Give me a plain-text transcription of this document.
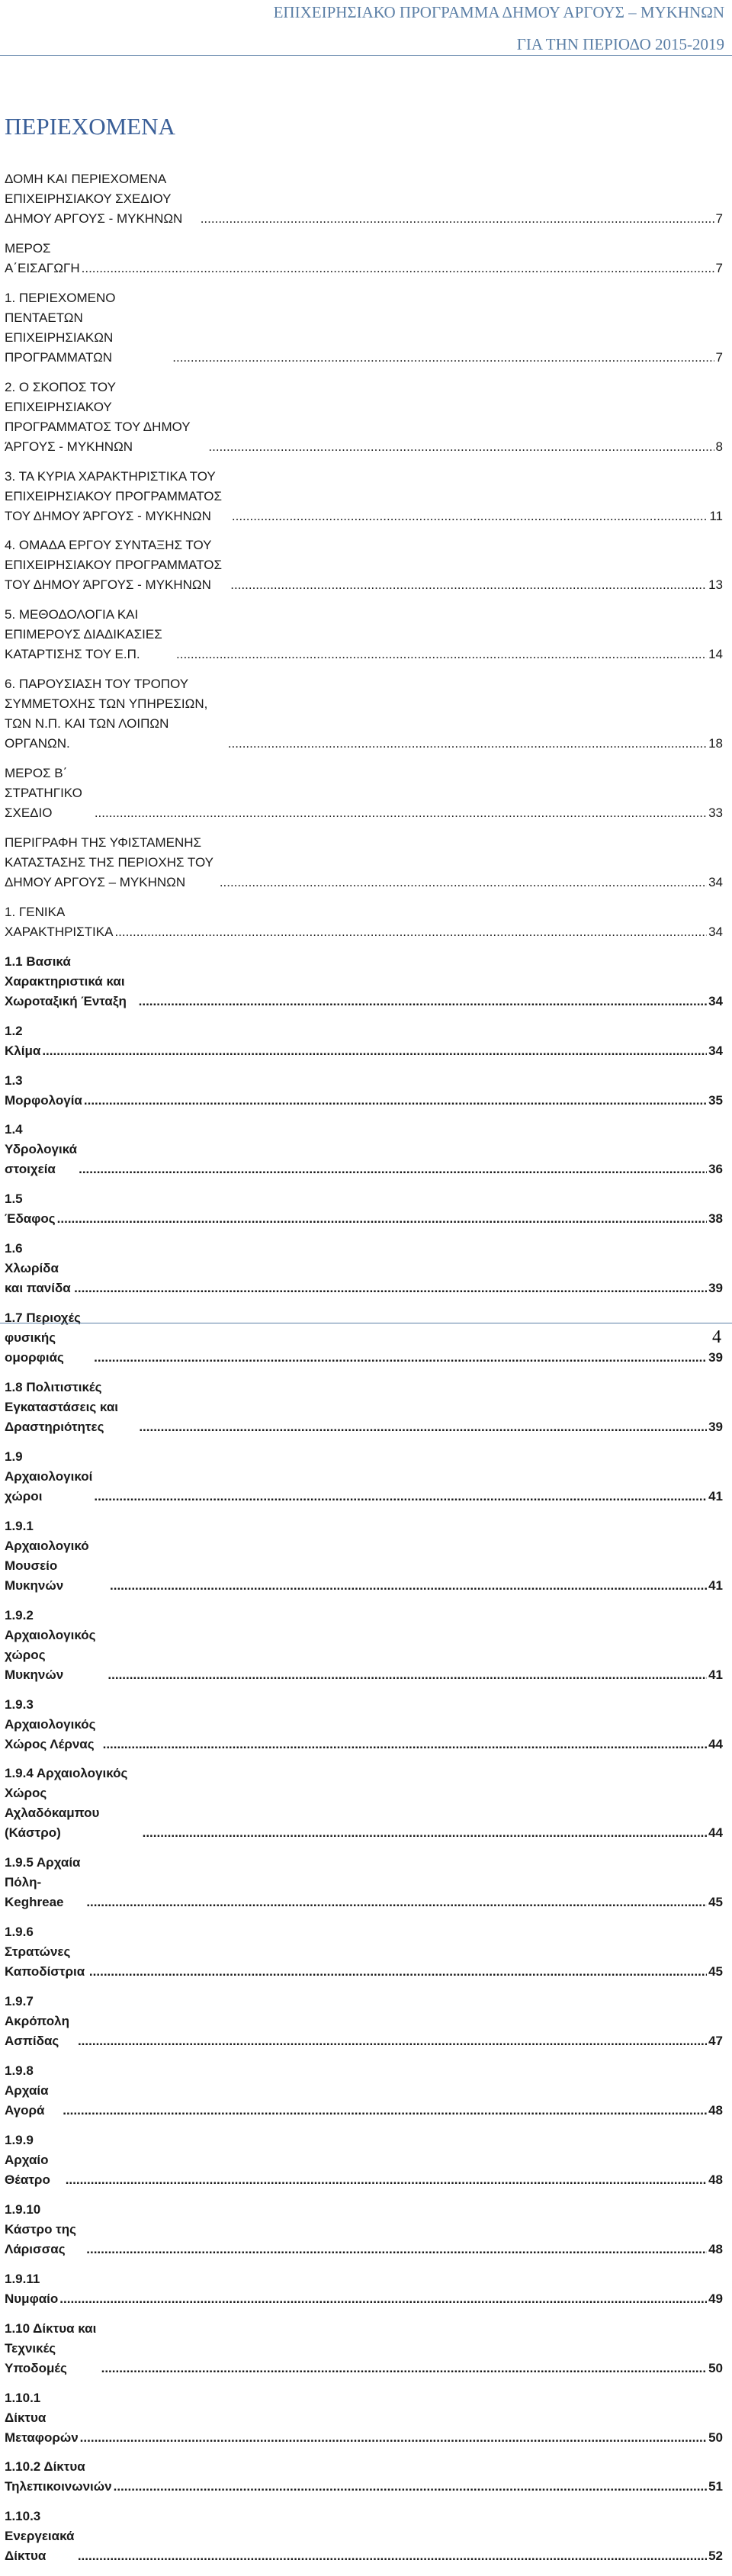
ΕΠΙΧΕΙΡΗΣΙΑΚΟ ΠΡΟΓΡΑΜΜΑ ΔΗΜΟΥ ΑΡΓΟΥΣ – ΜΥΚΗΝΩΝ
ΓΙΑ ΤΗΝ ΠΕΡΙΟΔΟ 2015-2019
ΠΕΡΙΕΧΟΜΕΝΑ
ΔΟΜΗ ΚΑΙ ΠΕΡΙΕΧΟΜΕΝΑ ΕΠΙΧΕΙΡΗΣΙΑΚΟΥ ΣΧΕΔΙΟΥ ΔΗΜΟΥ ΑΡΓΟΥΣ - ΜΥΚΗΝΩΝ .....	7
ΜΕΡΟΣ Α΄ΕΙΣΑΓΩΓΗ .....	7
1. ΠΕΡΙΕΧΟΜΕΝΟ ΠΕΝΤΑΕΤΩΝ ΕΠΙΧΕΙΡΗΣΙΑΚΩΝ ΠΡΟΓΡΑΜΜΑΤΩΝ .....	7
2. Ο ΣΚΟΠΟΣ ΤΟΥ ΕΠΙΧΕΙΡΗΣΙΑΚΟΥ ΠΡΟΓΡΑΜΜΑΤΟΣ ΤΟΥ ΔΗΜΟΥ ΆΡΓΟΥΣ - ΜΥΚΗΝΩΝ .....	8
3. ΤΑ ΚΥΡΙΑ ΧΑΡΑΚΤΗΡΙΣΤΙΚΑ ΤΟΥ ΕΠΙΧΕΙΡΗΣΙΑΚΟΥ ΠΡΟΓΡΑΜΜΑΤΟΣ ΤΟΥ ΔΗΜΟΥ ΆΡΓΟΥΣ - ΜΥΚΗΝΩΝ .....	11
4. ΟΜΑΔΑ ΕΡΓΟΥ ΣΥΝΤΑΞΗΣ ΤΟΥ ΕΠΙΧΕΙΡΗΣΙΑΚΟΥ ΠΡΟΓΡΑΜΜΑΤΟΣ ΤΟΥ ΔΗΜΟΥ ΆΡΓΟΥΣ - ΜΥΚΗΝΩΝ .....	13
5. ΜΕΘΟΔΟΛΟΓΙΑ ΚΑΙ ΕΠΙΜΕΡΟΥΣ ΔΙΑΔΙΚΑΣΙΕΣ ΚΑΤΑΡΤΙΣΗΣ ΤΟΥ Ε.Π. .....	14
6. ΠΑΡΟΥΣΙΑΣΗ ΤΟΥ ΤΡΟΠΟΥ ΣΥΜΜΕΤΟΧΗΣ ΤΩΝ ΥΠΗΡΕΣΙΩΝ, ΤΩΝ Ν.Π. ΚΑΙ ΤΩΝ ΛΟΙΠΩΝ ΟΡΓΑΝΩΝ. .....	18
ΜΕΡΟΣ Β΄ ΣΤΡΑΤΗΓΙΚΟ ΣΧΕΔΙΟ .....	33
ΠΕΡΙΓΡΑΦΗ ΤΗΣ ΥΦΙΣΤΑΜΕΝΗΣ ΚΑΤΑΣΤΑΣΗΣ ΤΗΣ ΠΕΡΙΟΧΗΣ ΤΟΥ ΔΗΜΟΥ ΑΡΓΟΥΣ – ΜΥΚΗΝΩΝ .....	34
1. ΓΕΝΙΚΑ ΧΑΡΑΚΤΗΡΙΣΤΙΚΑ .....	34
1.1 Βασικά Χαρακτηριστικά και Χωροταξική Ένταξη .....	34
1.2 Κλίμα .....	34
1.3 Μορφολογία .....	35
1.4 Υδρολογικά στοιχεία .....	36
1.5 Έδαφος .....	38
1.6 Χλωρίδα και πανίδα .....	39
1.7 Περιοχές φυσικής ομορφιάς .....	39
1.8 Πολιτιστικές Εγκαταστάσεις και Δραστηριότητες .....	39
1.9 Αρχαιολογικοί χώροι .....	41
1.9.1 Αρχαιολογικό Μουσείο Μυκηνών .....	41
1.9.2 Αρχαιολογικός χώρος Μυκηνών .....	41
1.9.3 Αρχαιολογικός Χώρος Λέρνας .....	44
1.9.4 Αρχαιολογικός Χώρος Αχλαδόκαμπου (Κάστρο) .....	44
1.9.5 Αρχαία Πόλη-Keghreae .....	45
1.9.6 Στρατώνες Καποδίστρια .....	45
1.9.7 Ακρόπολη Ασπίδας .....	47
1.9.8 Αρχαία Αγορά .....	48
1.9.9 Αρχαίο Θέατρο .....	48
1.9.10 Κάστρο της Λάρισσας .....	48
1.9.11 Νυμφαίο .....	49
1.10 Δίκτυα και Τεχνικές Υποδομές .....	50
1.10.1 Δίκτυα Μεταφορών .....	50
1.10.2 Δίκτυα Τηλεπικοινωνιών .....	51
1.10.3 Ενεργειακά Δίκτυα .....	52
4
